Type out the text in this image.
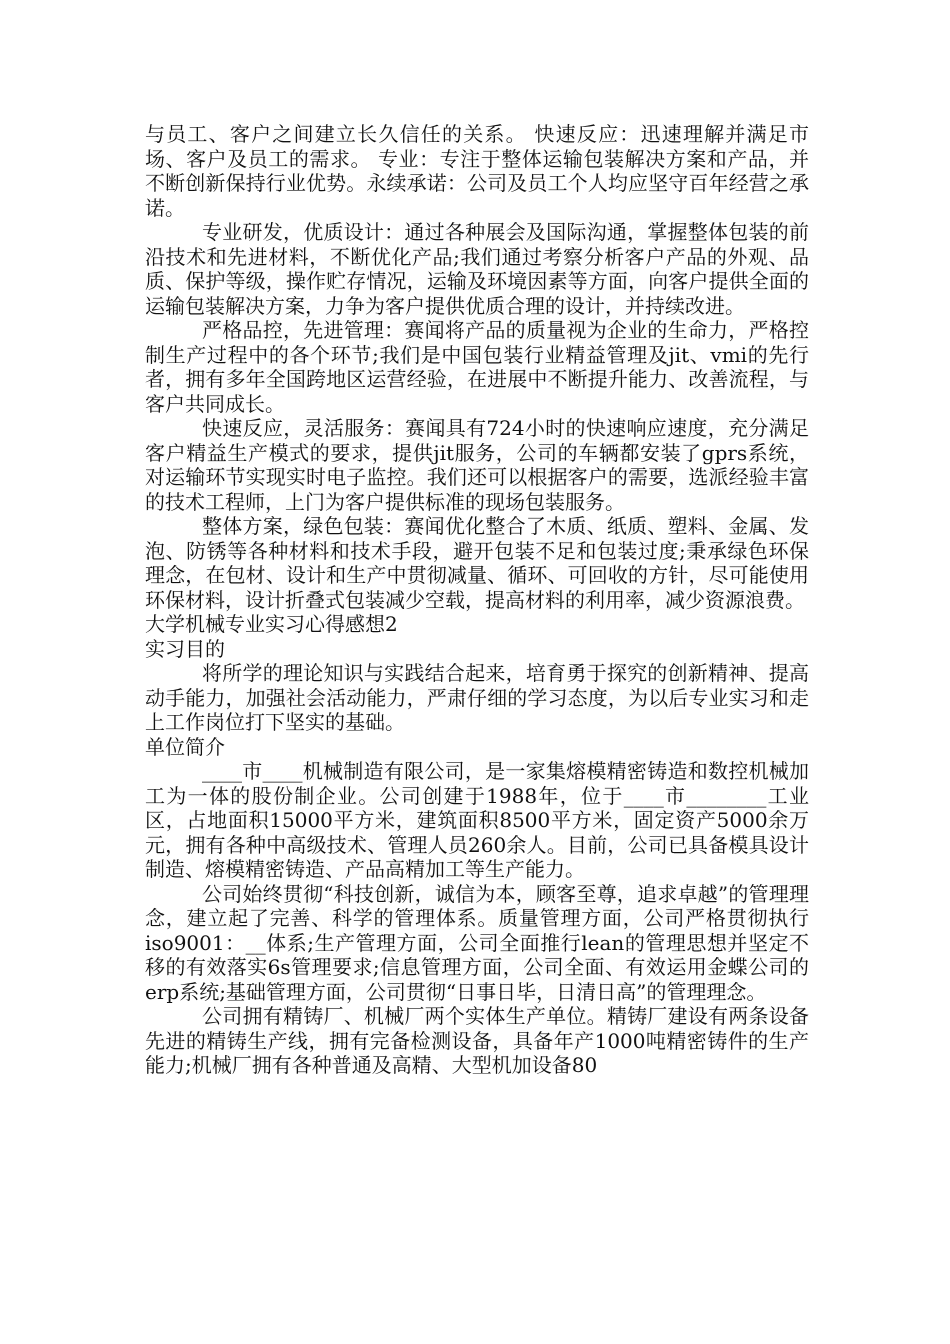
与员工、客户之间建立长久信任的关系。 快速反应：迅速理解并满足市场、客户及员工的需求。 专业：专注于整体运输包装解决方案和产品，并不断创新保持行业优势。永续承诺：公司及员工个人均应坚守百年经营之承诺。

专业研发，优质设计：通过各种展会及国际沟通，掌握整体包装的前沿技术和先进材料，不断优化产品;我们通过考察分析客户产品的外观、品质、保护等级，操作贮存情况，运输及环境因素等方面，向客户提供全面的运输包装解决方案，力争为客户提供优质合理的设计，并持续改进。

严格品控，先进管理：赛闻将产品的质量视为企业的生命力，严格控制生产过程中的各个环节;我们是中国包装行业精益管理及jit、vmi的先行者，拥有多年全国跨地区运营经验，在进展中不断提升能力、改善流程，与客户共同成长。

快速反应，灵活服务：赛闻具有724小时的快速响应速度，充分满足客户精益生产模式的要求，提供jit服务，公司的车辆都安装了gprs系统，对运输环节实现实时电子监控。我们还可以根据客户的需要，选派经验丰富的技术工程师，上门为客户提供标准的现场包装服务。

整体方案，绿色包装：赛闻优化整合了木质、纸质、塑料、金属、发泡、防锈等各种材料和技术手段，避开包装不足和包装过度;秉承绿色环保理念，在包材、设计和生产中贯彻减量、循环、可回收的方针，尽可能使用环保材料，设计折叠式包装减少空载，提高材料的利用率，减少资源浪费。

大学机械专业实习心得感想2

实习目的

将所学的理论知识与实践结合起来，培育勇于探究的创新精神、提高动手能力，加强社会活动能力，严肃仔细的学习态度，为以后专业实习和走上工作岗位打下坚实的基础。

单位简介

____市____机械制造有限公司，是一家集熔模精密铸造和数控机械加工为一体的股份制企业。公司创建于1988年，位于____市________工业区，占地面积15000平方米，建筑面积8500平方米，固定资产5000余万元，拥有各种中高级技术、管理人员260余人。目前，公司已具备模具设计制造、熔模精密铸造、产品高精加工等生产能力。

公司始终贯彻“科技创新，诚信为本，顾客至尊，追求卓越”的管理理念，建立起了完善、科学的管理体系。质量管理方面，公司严格贯彻执行iso9001：__体系;生产管理方面，公司全面推行lean的管理思想并坚定不移的有效落实6s管理要求;信息管理方面，公司全面、有效运用金蝶公司的erp系统;基础管理方面，公司贯彻“日事日毕，日清日高”的管理理念。

公司拥有精铸厂、机械厂两个实体生产单位。精铸厂建设有两条设备先进的精铸生产线，拥有完备检测设备，具备年产1000吨精密铸件的生产能力;机械厂拥有各种普通及高精、大型机加设备80
